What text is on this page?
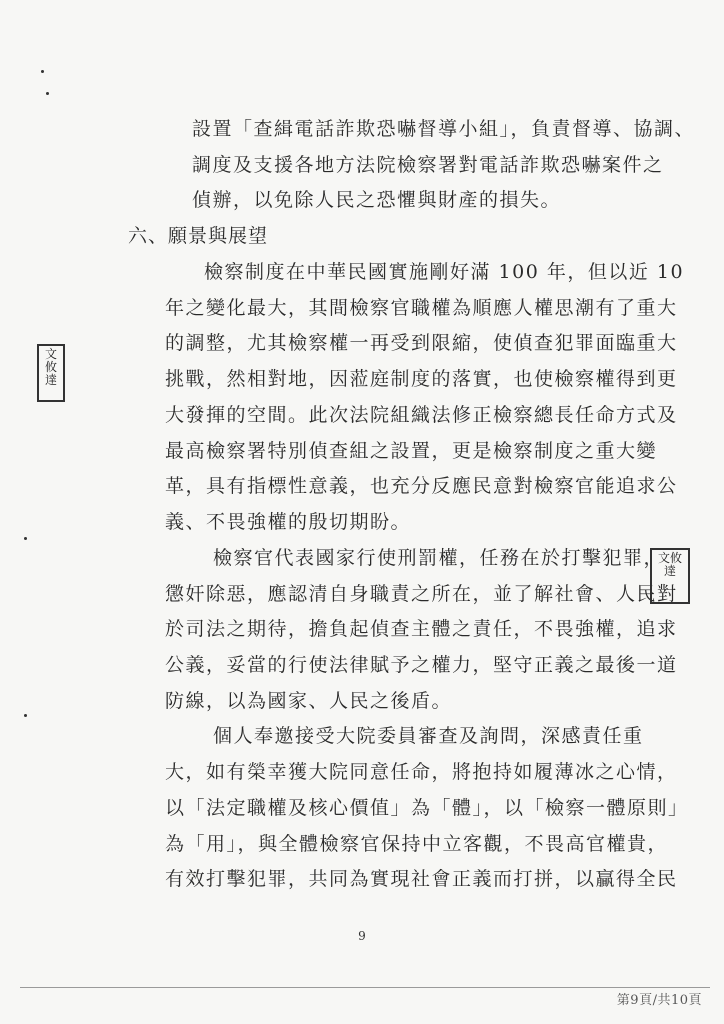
設置「查緝電話詐欺恐嚇督導小組」，負責督導、協調、
調度及支援各地方法院檢察署對電話詐欺恐嚇案件之
偵辦，以免除人民之恐懼與財產的損失。
六、願景與展望
檢察制度在中華民國實施剛好滿 100 年，但以近 10
年之變化最大，其間檢察官職權為順應人權思潮有了重大
的調整，尤其檢察權一再受到限縮，使偵查犯罪面臨重大
挑戰，然相對地，因蒞庭制度的落實，也使檢察權得到更
大發揮的空間。此次法院組織法修正檢察總長任命方式及
最高檢察署特別偵查組之設置，更是檢察制度之重大變
革，具有指標性意義，也充分反應民意對檢察官能追求公
義、不畏強權的殷切期盼。
檢察官代表國家行使刑罰權，任務在於打擊犯罪，
懲奸除惡，應認清自身職責之所在，並了解社會、人民對
於司法之期待，擔負起偵查主體之責任，不畏強權，追求
公義，妥當的行使法律賦予之權力，堅守正義之最後一道
防線，以為國家、人民之後盾。
個人奉邀接受大院委員審查及詢問，深感責任重
大，如有榮幸獲大院同意任命，將抱持如履薄冰之心情，
以「法定職權及核心價值」為「體」，以「檢察一體原則」
為「用」，與全體檢察官保持中立客觀，不畏高官權貴，
有效打擊犯罪，共同為實現社會正義而打拼，以贏得全民
文攸達
文攸達
9
第9頁/共10頁
